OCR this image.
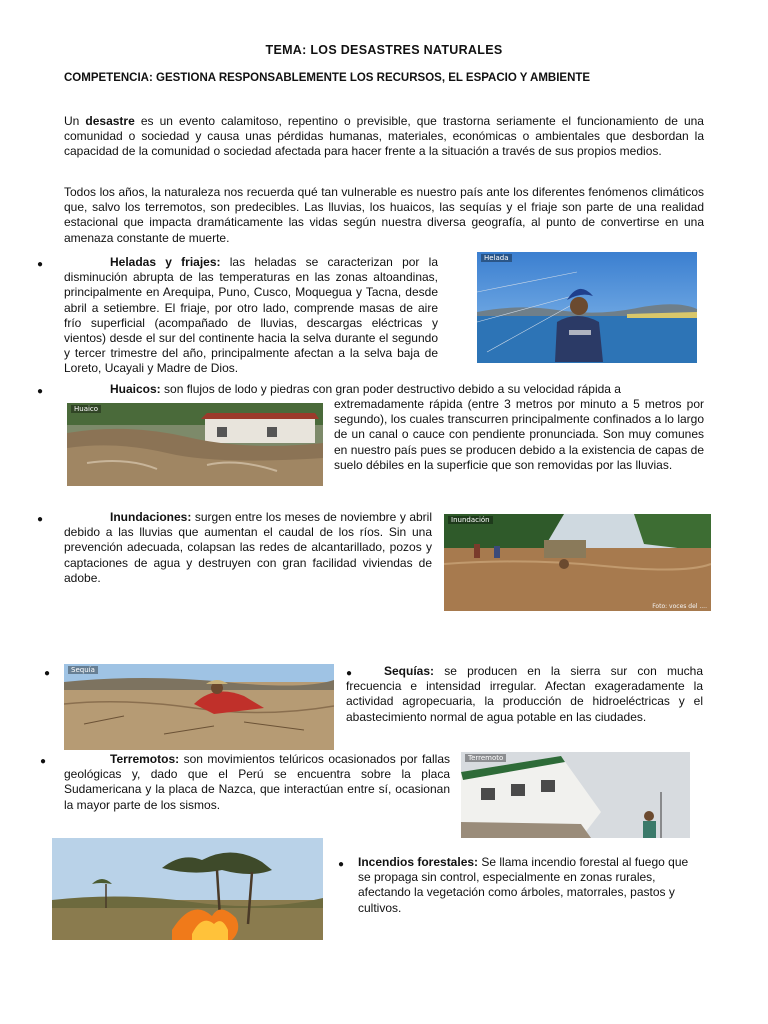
TEMA: LOS DESASTRES NATURALES
COMPETENCIA: GESTIONA RESPONSABLEMENTE LOS RECURSOS, EL ESPACIO Y AMBIENTE
Un desastre es un evento calamitoso, repentino o previsible, que trastorna seriamente el funcionamiento de una comunidad o sociedad y causa unas pérdidas humanas, materiales, económicas o ambientales que desbordan la capacidad de la comunidad o sociedad afectada para hacer frente a la situación a través de sus propios medios.
Todos los años, la naturaleza nos recuerda qué tan vulnerable es nuestro país ante los diferentes fenómenos climáticos que, salvo los terremotos, son predecibles. Las lluvias, los huaicos, las sequías y el friaje son parte de una realidad estacional que impacta dramáticamente las vidas según nuestra diversa geografía, al punto de convertirse en una amenaza constante de muerte.
●	Heladas y friajes: las heladas se caracterizan por la disminución abrupta de las temperaturas en las zonas altoandinas, principalmente en Arequipa, Puno, Cusco, Moquegua y Tacna, desde abril a setiembre. El friaje, por otro lado, comprende masas de aire frío superficial (acompañado de lluvias, descargas eléctricas y vientos) desde el sur del continente hacia la selva durante el segundo y tercer trimestre del año, principalmente afectan a la selva baja de Loreto, Ucayali y Madre de Dios.
Helada
●	Huaicos: son flujos de lodo y piedras con gran poder destructivo debido a su velocidad rápida a
extremadamente rápida (entre 3 metros por minuto a 5 metros por segundo), los cuales transcurren principalmente confinados a lo largo de un canal o cauce con pendiente pronunciada. Son muy comunes en nuestro país pues se producen debido a la existencia de capas de suelo débiles en la superficie que son removidas por las lluvias.
Huaico
●	Inundaciones: surgen entre los meses de noviembre y abril debido a las lluvias que aumentan el caudal de los ríos. Sin una prevención adecuada, colapsan las redes de alcantarillado, pozos y captaciones de agua y destruyen con gran facilidad viviendas de adobe.
Inundación
Foto: voces del ....
●	Sequía	●	Sequías: se producen en la sierra sur con mucha frecuencia e intensidad irregular. Afectan exageradamente la actividad agropecuaria, la producción de hidroeléctricas y el abastecimiento normal de agua potable en las ciudades.
●	Terremotos: son movimientos telúricos ocasionados por fallas geológicas y, dado que el Perú se encuentra sobre la placa Sudamericana y la placa de Nazca, que interactúan entre sí, ocasionan la mayor parte de los sismos.
Terremoto
● Incendios forestales: Se llama incendio forestal al fuego que se propaga sin control, especialmente en zonas rurales, afectando la vegetación como árboles, matorrales, pastos y cultivos.
